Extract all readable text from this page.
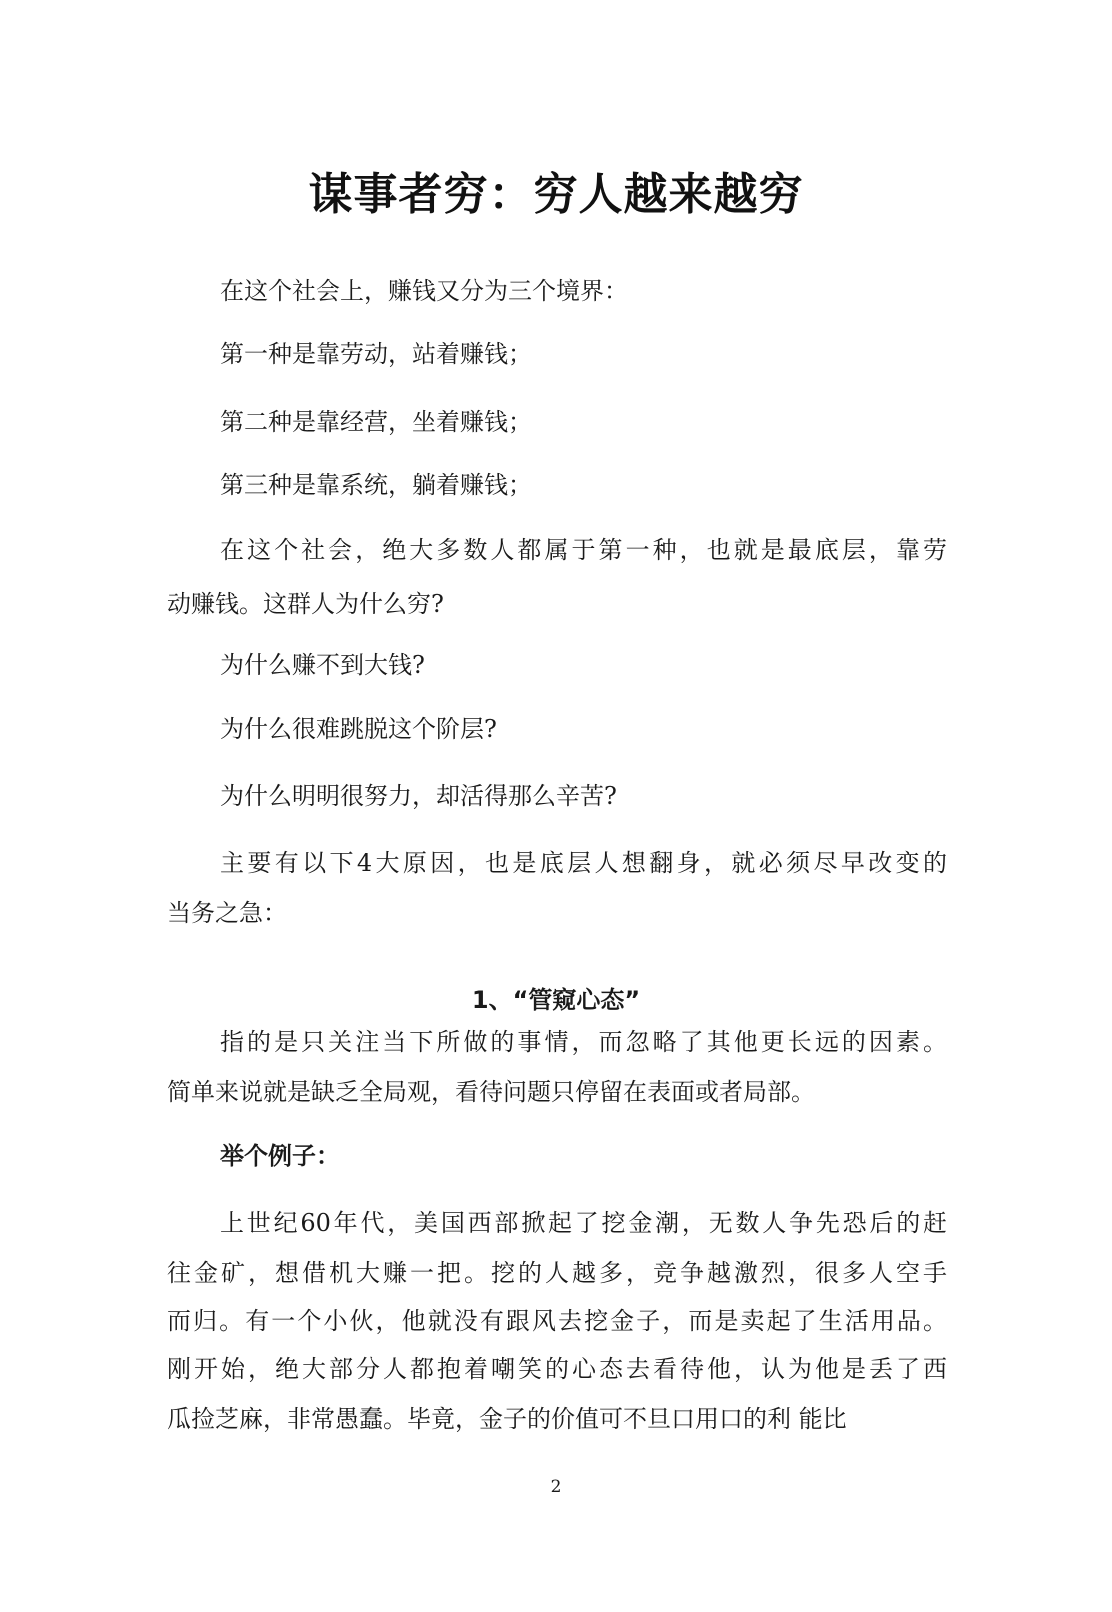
谋事者穷：穷人越来越穷

在这个社会上，赚钱又分为三个境界：

第一种是靠劳动，站着赚钱；

第二种是靠经营，坐着赚钱；

第三种是靠系统，躺着赚钱；

在这个社会，绝大多数人都属于第一种，也就是最底层，靠劳

动赚钱。这群人为什么穷?

为什么赚不到大钱?

为什么很难跳脱这个阶层?

为什么明明很努力，却活得那么辛苦?

主要有以下4大原因，也是底层人想翻身，就必须尽早改变的

当务之急：

1、“管窥心态”

指的是只关注当下所做的事情，而忽略了其他更长远的因素。

简单来说就是缺乏全局观，看待问题只停留在表面或者局部。

举个例子：

上世纪60年代，美国西部掀起了挖金潮，无数人争先恐后的赶

往金矿，想借机大赚一把。挖的人越多，竞争越激烈，很多人空手

而归。有一个小伙，他就没有跟风去挖金子，而是卖起了生活用品。

刚开始，绝大部分人都抱着嘲笑的心态去看待他，认为他是丢了西

瓜捡芝麻，非常愚蠢。毕竟，金子的价值可不旦口用口的利 能比

2
